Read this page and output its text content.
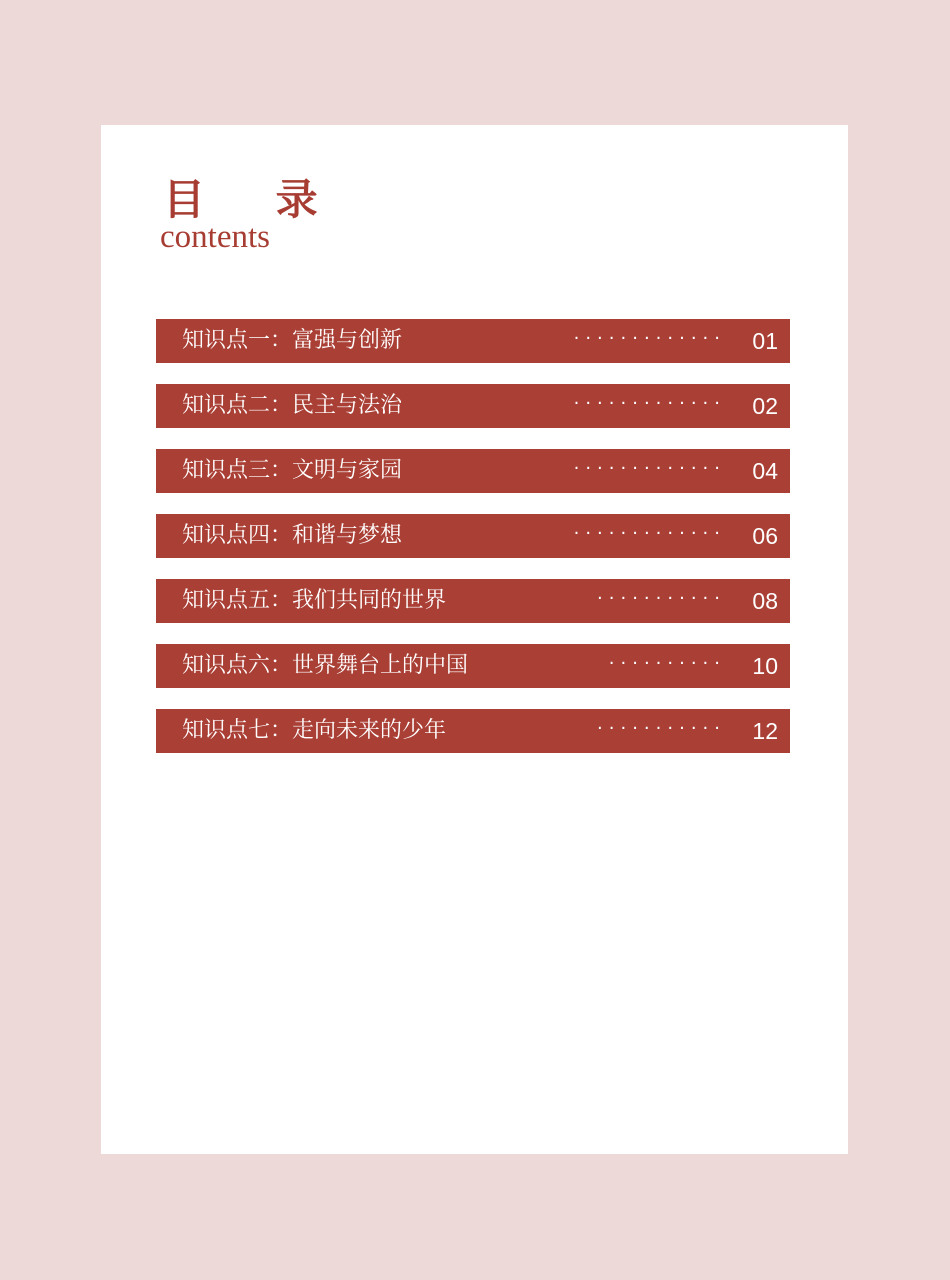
目 录
contents
知识点一：富强与创新	············· 01
知识点二：民主与法治	············· 02
知识点三：文明与家园	············· 04
知识点四：和谐与梦想	············· 06
知识点五：我们共同的世界	··········· 08
知识点六：世界舞台上的中国	·········· 10
知识点七：走向未来的少年	··········· 12
